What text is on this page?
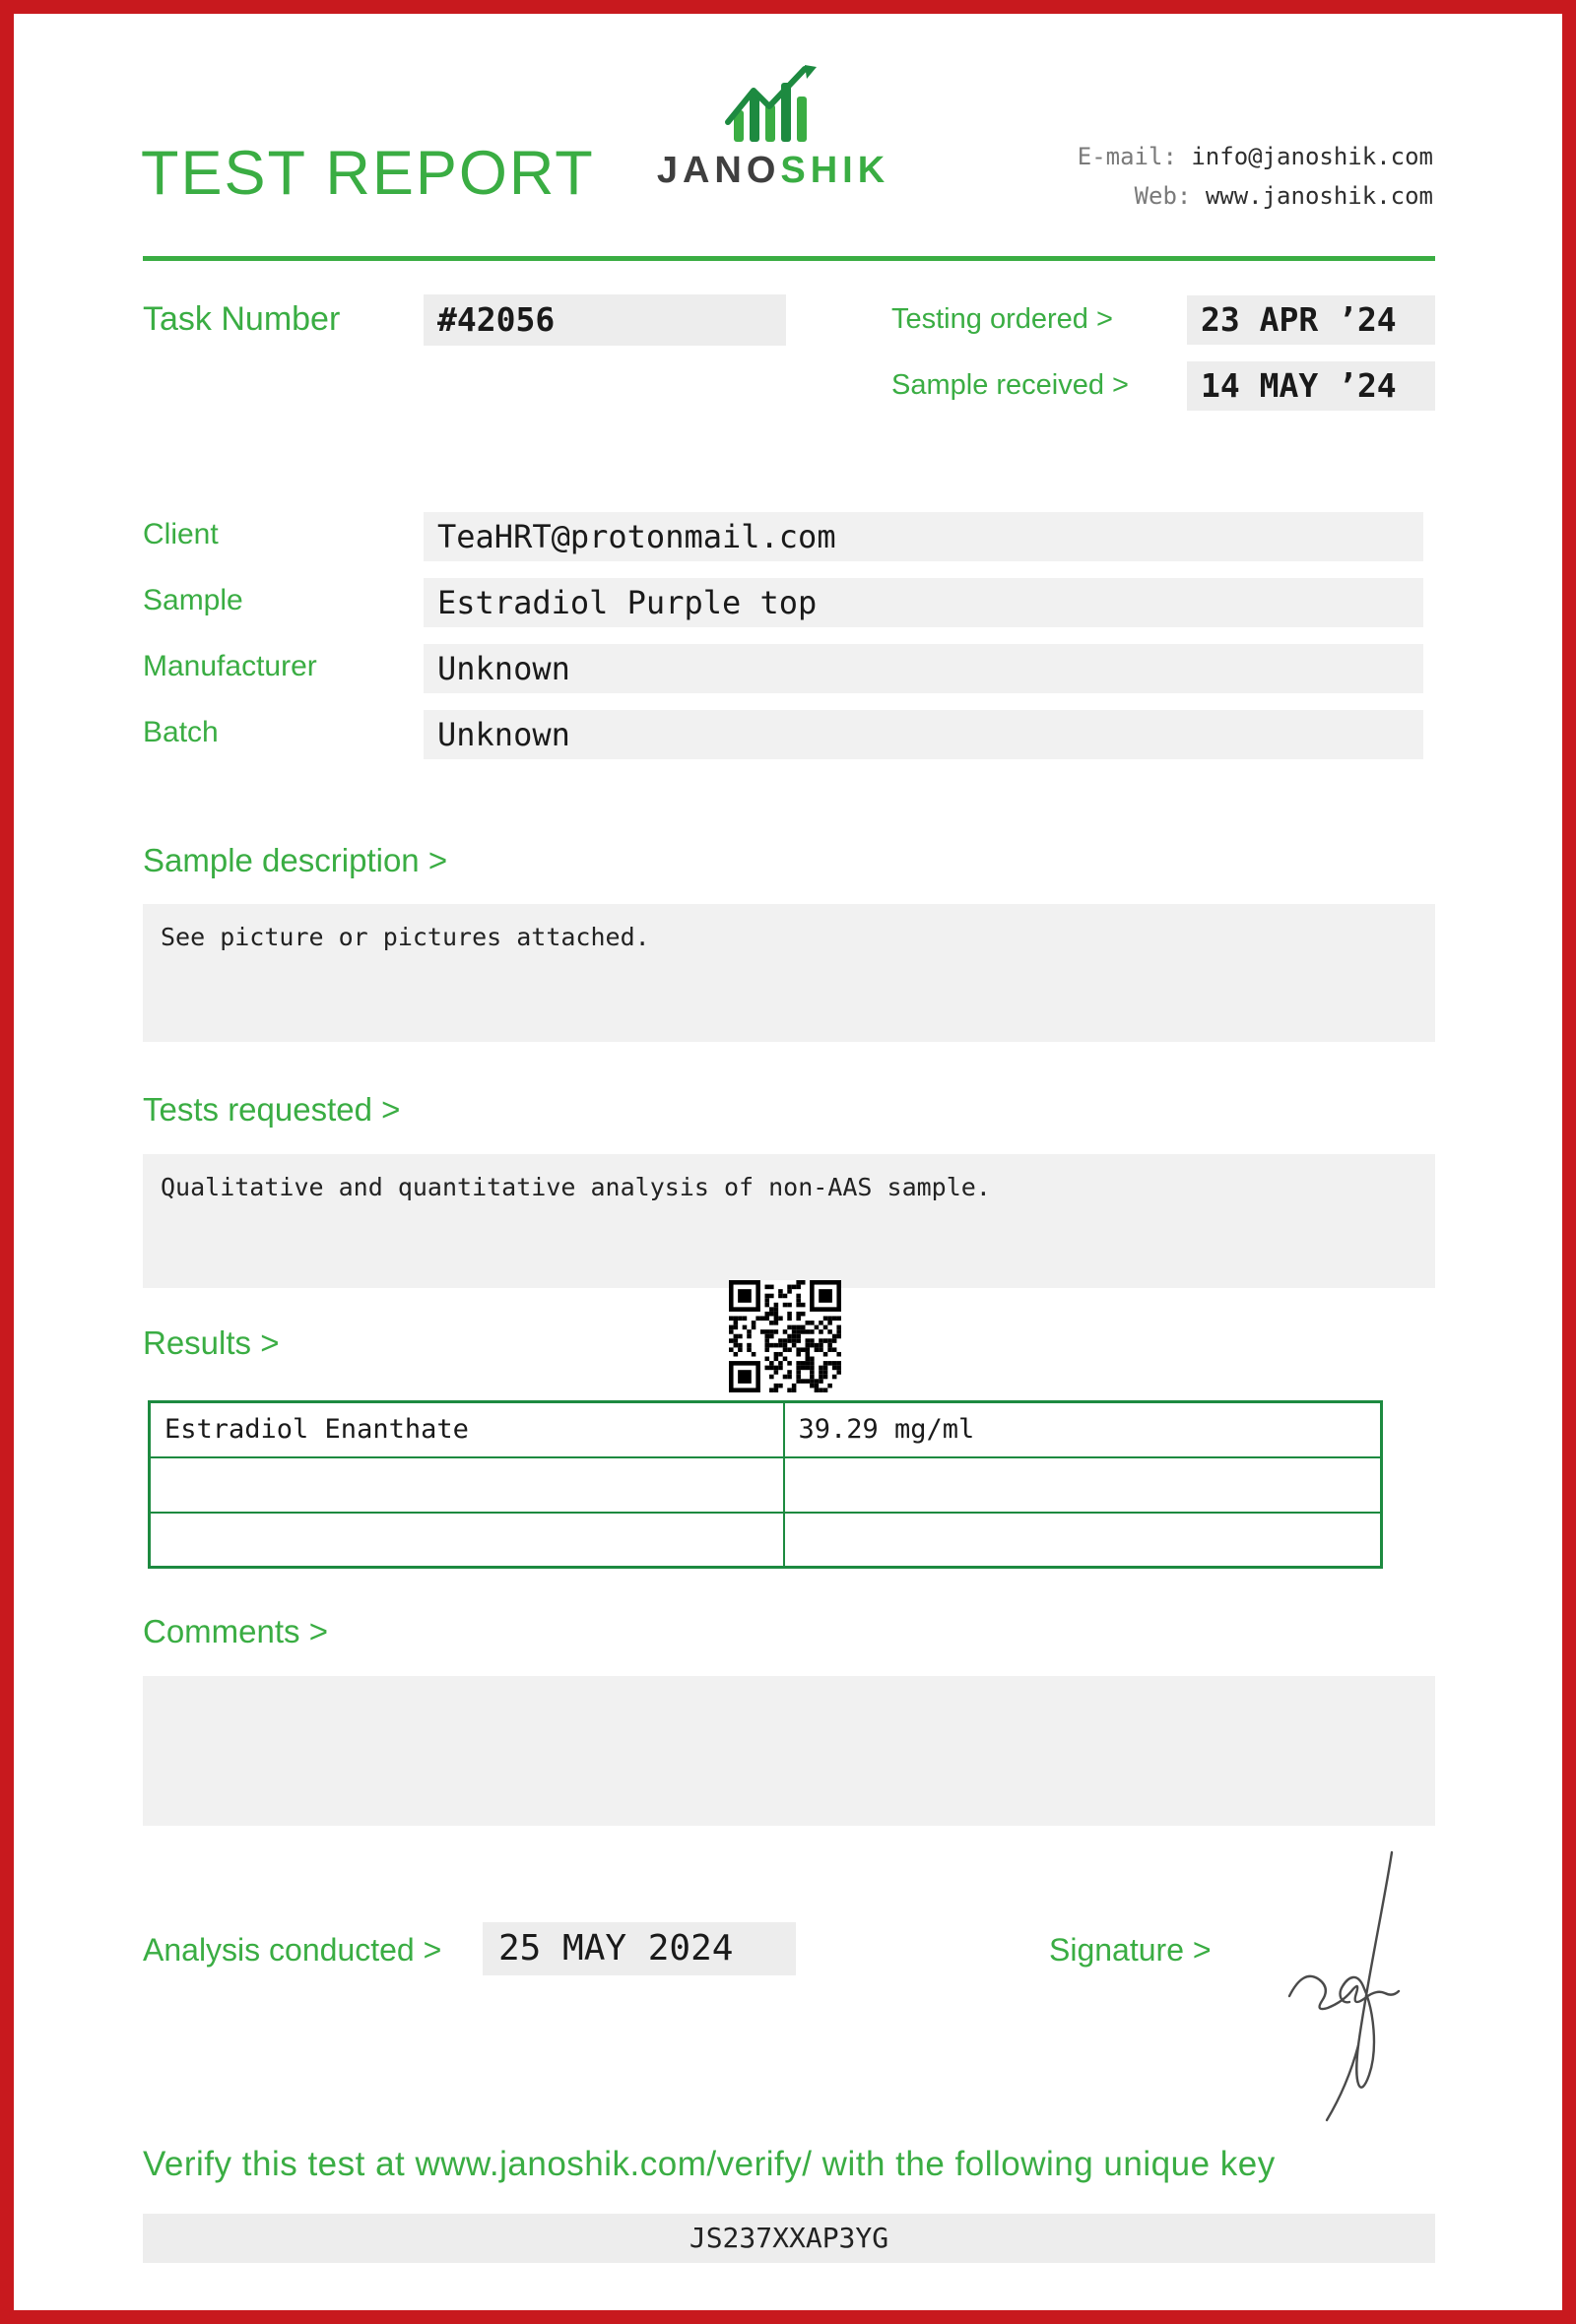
TEST REPORT	JANOSHIK	E-mail: info@janoshik.com
Web: www.janoshik.com
Task Number	#42056	Testing ordered >	23 APR ’24
Sample received >	14 MAY ’24
Client	TeaHRT@protonmail.com
Sample	Estradiol Purple top
Manufacturer	Unknown
Batch	Unknown
Sample description >
See picture or pictures attached.
Tests requested >
Qualitative and quantitative analysis of non-AAS sample.
Results >
Estradiol Enanthate	39.29 mg/ml

Comments >
Analysis conducted >	25 MAY 2024	Signature >
Verify this test at www.janoshik.com/verify/ with the following unique key
JS237XXAP3YG
